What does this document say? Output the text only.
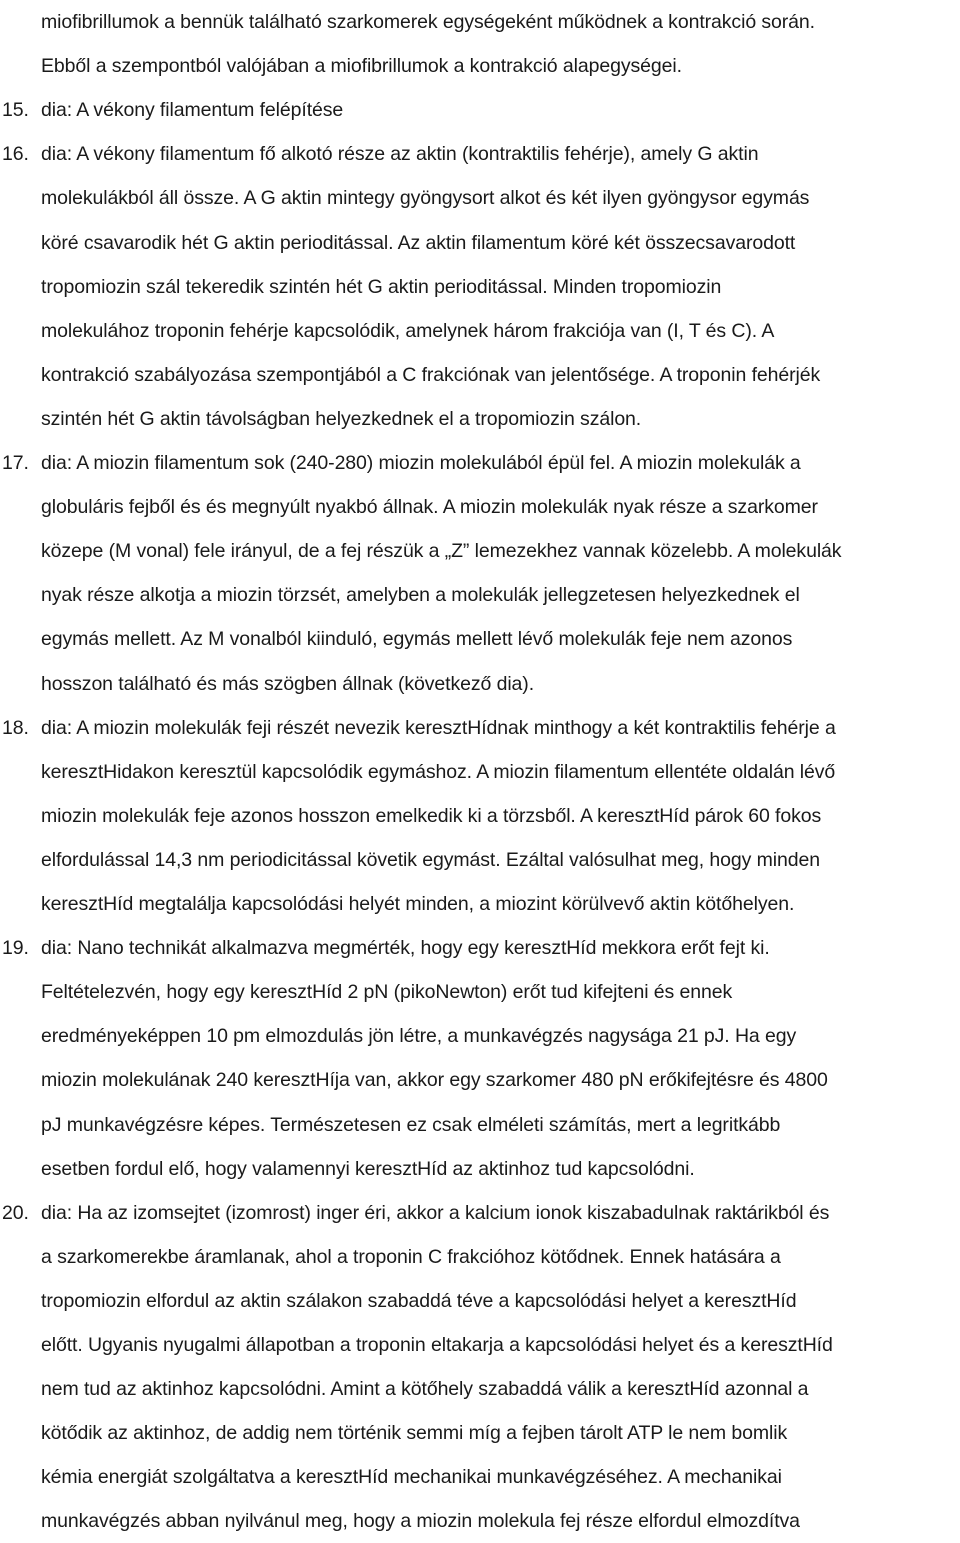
miofibrillumok a bennük található szarkomerek egységeként működnek a kontrakció során.
Ebből a szempontból valójában a miofibrillumok a kontrakció alapegységei.
15. dia: A vékony filamentum felépítése
16. dia: A vékony filamentum fő alkotó része az aktin (kontraktilis fehérje), amely G aktin
molekulákból áll össze. A G aktin mintegy gyöngysort alkot és két ilyen gyöngysor egymás
köré csavarodik hét G aktin perioditással. Az aktin filamentum köré két összecsavarodott
tropomiozin szál tekeredik szintén hét G aktin perioditással. Minden tropomiozin
molekulához troponin fehérje kapcsolódik, amelynek három frakciója van (I, T és C). A
kontrakció szabályozása szempontjából a C frakciónak van jelentősége. A troponin fehérjék
szintén hét G aktin távolságban helyezkednek el a tropomiozin szálon.
17. dia: A miozin filamentum sok (240-280) miozin molekulából épül fel. A miozin molekulák a
globuláris fejből és és megnyúlt nyakbó állnak. A miozin molekulák nyak része a szarkomer
közepe (M vonal) fele irányul, de a fej részük a „Z” lemezekhez vannak közelebb. A molekulák
nyak része alkotja a miozin törzsét, amelyben a molekulák jellegzetesen helyezkednek el
egymás mellett. Az M vonalból kiinduló, egymás mellett lévő molekulák feje nem azonos
hosszon található és más szögben állnak (következő dia).
18. dia: A miozin molekulák feji részét nevezik keresztHídnak minthogy a két kontraktilis fehérje a
keresztHidakon keresztül kapcsolódik egymáshoz. A miozin filamentum ellentéte oldalán lévő
miozin molekulák feje azonos hosszon emelkedik ki a törzsből. A keresztHíd párok 60 fokos
elfordulással 14,3 nm periodicitással követik egymást. Ezáltal valósulhat meg, hogy minden
keresztHíd megtalálja kapcsolódási helyét minden, a miozint körülvevő aktin kötőhelyen.
19. dia: Nano technikát alkalmazva megmérték, hogy egy keresztHíd mekkora erőt fejt ki.
Feltételezvén, hogy egy keresztHíd 2 pN (pikoNewton) erőt tud kifejteni és ennek
eredményeképpen 10 pm elmozdulás jön létre, a munkavégzés nagysága 21 pJ. Ha egy
miozin molekulának 240 keresztHíja van, akkor egy szarkomer 480 pN erőkifejtésre és 4800
pJ munkavégzésre képes. Természetesen ez csak elméleti számítás, mert a legritkább
esetben fordul elő, hogy valamennyi keresztHíd az aktinhoz tud kapcsolódni.
20. dia: Ha az izomsejtet (izomrost) inger éri, akkor a kalcium ionok kiszabadulnak raktárikból és
a szarkomerekbe áramlanak, ahol a troponin C frakcióhoz kötődnek. Ennek hatására a
tropomiozin elfordul az aktin szálakon szabaddá téve a kapcsolódási helyet a keresztHíd
előtt. Ugyanis nyugalmi állapotban a troponin eltakarja a kapcsolódási helyet és a keresztHíd
nem tud az aktinhoz kapcsolódni. Amint a kötőhely szabaddá válik a keresztHíd azonnal a
kötődik az aktinhoz, de addig nem történik semmi míg a fejben tárolt ATP le nem bomlik
kémia energiát szolgáltatva a keresztHíd mechanikai munkavégzéséhez. A mechanikai
munkavégzés abban nyilvánul meg, hogy a miozin molekula fej része elfordul elmozdítva
